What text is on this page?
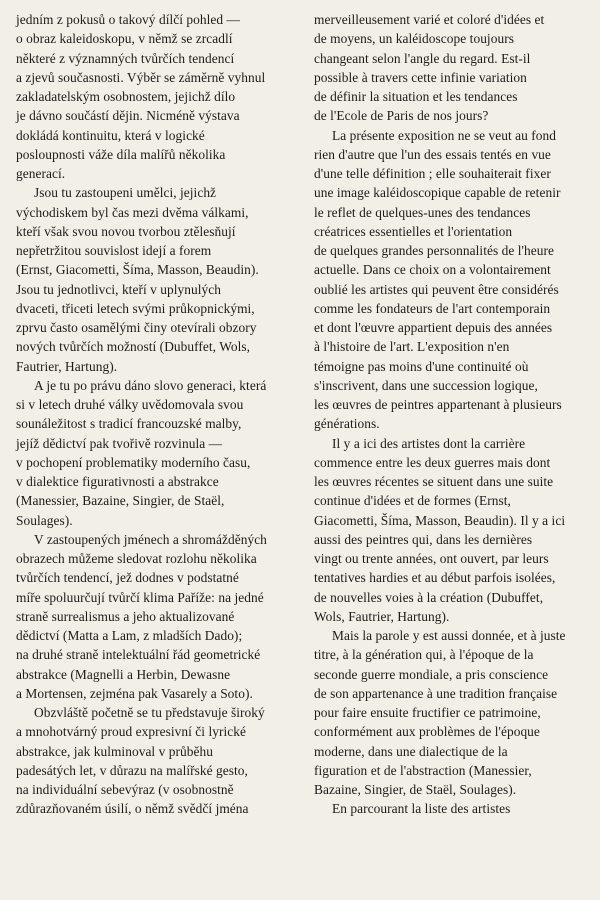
jedním z pokusů o takový dílčí pohled —
o obraz kaleidoskopu, v němž se zrcadlí
některé z významných tvůrčích tendencí
a zjevů současnosti. Výběr se záměrně vyhnul
zakladatelským osobnostem, jejichž dílo
je dávno součástí dějin. Nicméně výstava
dokládá kontinuitu, která v logické
posloupnosti váže díla malířů několika
generací.
Jsou tu zastoupeni umělci, jejichž
východiskem byl čas mezi dvěma válkami,
kteří však svou novou tvorbou ztělesňují
nepřetržitou souvislost idejí a forem
(Ernst, Giacometti, Šíma, Masson, Beaudin).
Jsou tu jednotlivci, kteří v uplynulých
dvaceti, třiceti letech svými průkopnickými,
zprvu často osamělými činy otevírali obzory
nových tvůrčích možností (Dubuffet, Wols,
Fautrier, Hartung).
A je tu po právu dáno slovo generaci, která
si v letech druhé války uvědomovala svou
sounáležitost s tradicí francouzské malby,
jejíž dědictví pak tvořivě rozvinula —
v pochopení problematiky moderního času,
v dialektice figurativnosti a abstrakce
(Manessier, Bazaine, Singier, de Staël,
Soulages).
V zastoupených jménech a shromážděných
obrazech můžeme sledovat rozlohu několika
tvůrčích tendencí, jež dodnes v podstatné
míře spoluurčují tvůrčí klima Paříže: na jedné
straně surrealismus a jeho aktualizované
dědictví (Matta a Lam, z mladších Dado);
na druhé straně intelektuální řád geometrické
abstrakce (Magnelli a Herbin, Dewasne
a Mortensen, zejména pak Vasarely a Soto).
Obzvláště početně se tu představuje široký
a mnohotvárný proud expresivní či lyrické
abstrakce, jak kulminoval v průběhu
padesátých let, v důrazu na malířské gesto,
na individuální sebevýraz (v osobnostně
zdůrazňovaném úsilí, o němž svědčí jména
merveilleusement varié et coloré d'idées et
de moyens, un kaléidoscope toujours
changeant selon l'angle du regard. Est-il
possible à travers cette infinie variation
de définir la situation et les tendances
de l'Ecole de Paris de nos jours?
La présente exposition ne se veut au fond
rien d'autre que l'un des essais tentés en vue
d'une telle définition ; elle souhaiterait fixer
une image kaléidoscopique capable de retenir
le reflet de quelques-unes des tendances
créatrices essentielles et l'orientation
de quelques grandes personnalités de l'heure
actuelle. Dans ce choix on a volontairement
oublié les artistes qui peuvent être considérés
comme les fondateurs de l'art contemporain
et dont l'œuvre appartient depuis des années
à l'histoire de l'art. L'exposition n'en
témoigne pas moins d'une continuité où
s'inscrivent, dans une succession logique,
les œuvres de peintres appartenant à plusieurs
générations.
Il y a ici des artistes dont la carrière
commence entre les deux guerres mais dont
les œuvres récentes se situent dans une suite
continue d'idées et de formes (Ernst,
Giacometti, Šíma, Masson, Beaudin). Il y a ici
aussi des peintres qui, dans les dernières
vingt ou trente années, ont ouvert, par leurs
tentatives hardies et au début parfois isolées,
de nouvelles voies à la création (Dubuffet,
Wols, Fautrier, Hartung).
Mais la parole y est aussi donnée, et à juste
titre, à la génération qui, à l'époque de la
seconde guerre mondiale, a pris conscience
de son appartenance à une tradition française
pour faire ensuite fructifier ce patrimoine,
conformément aux problèmes de l'époque
moderne, dans une dialectique de la
figuration et de l'abstraction (Manessier,
Bazaine, Singier, de Staël, Soulages).
En parcourant la liste des artistes
